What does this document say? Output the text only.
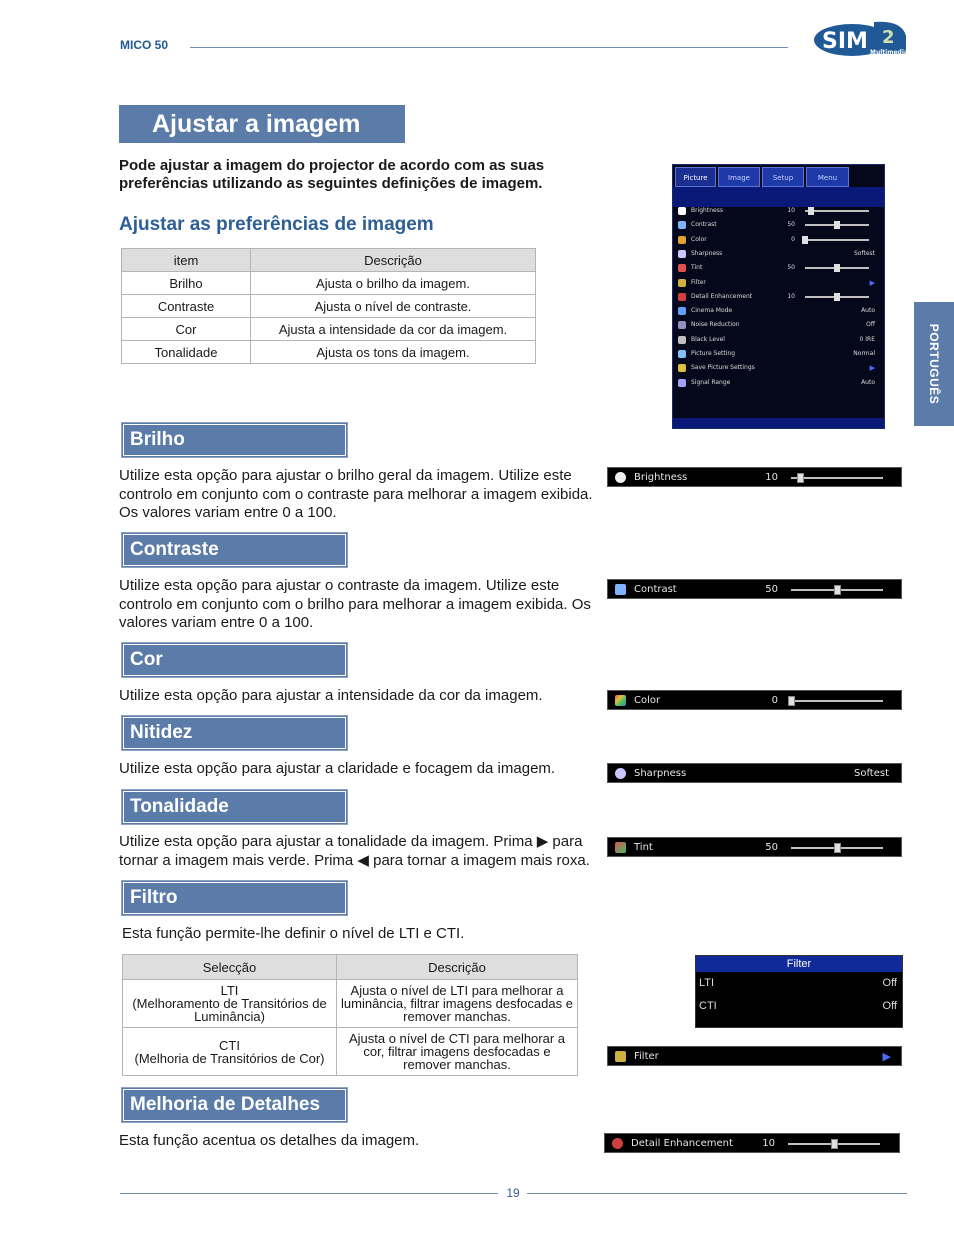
MICO 50	SIM 2
Multimedia
Ajustar a imagem
Pode ajustar a imagem do projector de acordo com as suas preferências utilizando as seguintes definições de imagem.
Ajustar as preferências de imagem
item	Descrição
Brilho	Ajusta o brilho da imagem.
Contraste	Ajusta o nível de contraste.
Cor	Ajusta a intensidade da cor da imagem.
Tonalidade	Ajusta os tons da imagem.
Picture	Image	Setup	Menu
Brightness	10
Contrast	50
Color	0
Sharpness	Softest
Tint	50
Filter	▶
Detail Enhancement	10
Cinema Mode	Auto
Noise Reduction	Off
Black Level	0 IRE
Picture Setting	Normal
Save Picture Settings	▶
Signal Range	Auto
Brilho
Utilize esta opção para ajustar o brilho geral da imagem. Utilize este controlo em conjunto com o contraste para melhorar a imagem exibida. Os valores variam entre 0 a 100.
Contraste
Utilize esta opção para ajustar o contraste da imagem. Utilize este controlo em conjunto com o brilho para melhorar a imagem exibida. Os valores variam entre 0 a 100.
Cor
Utilize esta opção para ajustar a intensidade da cor da imagem.
Nitidez
Utilize esta opção para ajustar a claridade e focagem da imagem.
Tonalidade
Utilize esta opção para ajustar a tonalidade da imagem. Prima ▶ para tornar a imagem mais verde. Prima ◀ para tornar a imagem mais roxa.
Filtro
Esta função permite-lhe definir o nível de LTI e CTI.
Selecção	Descrição
LTI
(Melhoramento de Transitórios de Luminância)	Ajusta o nível de LTI para melhorar a luminância, filtrar imagens desfocadas e remover manchas.
CTI
(Melhoria de Transitórios de Cor)	Ajusta o nível de CTI para melhorar a cor, filtrar imagens desfocadas e remover manchas.
Melhoria de Detalhes
Esta função acentua os detalhes da imagem.
Brightness	10
Contrast	50
Color	0
Sharpness	Softest
Tint	50
Filter
LTI	Off
CTI	Off
Filter	▶
Detail Enhancement	10
PORTUGUÊS
19
